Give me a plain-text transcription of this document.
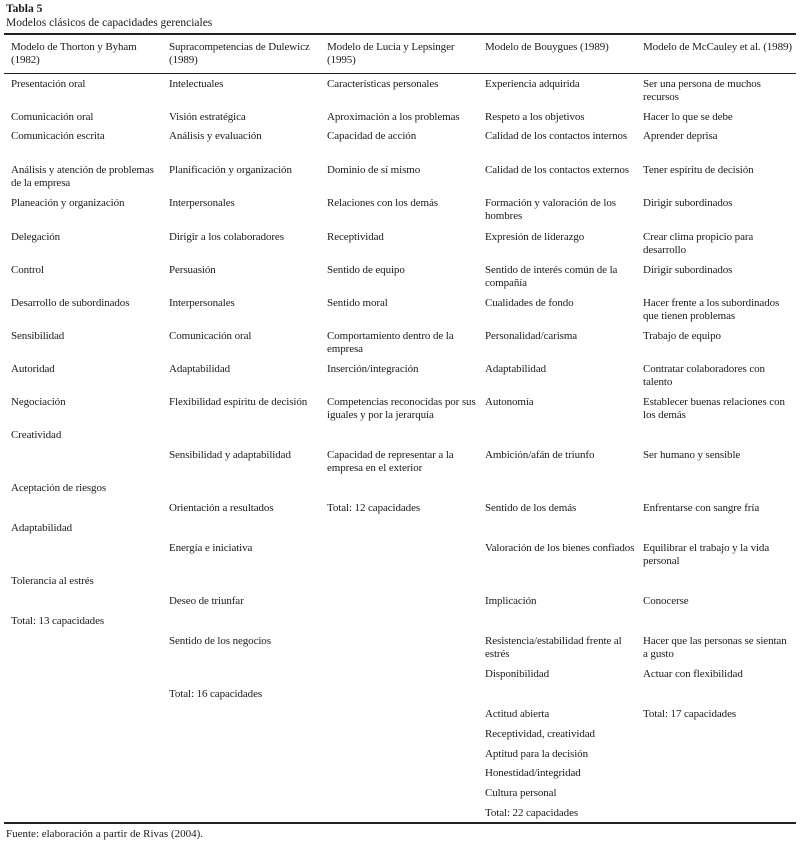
Tabla 5
Modelos clásicos de capacidades gerenciales
Modelo de Thorton y Byham (1982)
Presentación oral
Comunicación oral
Comunicación escrita
Análisis y atención de problemas de la empresa
Planeación y organización
Delegación
Control
Desarrollo de subordinados
Sensibilidad
Autoridad
Negociación
Creatividad
Aceptación de riesgos
Adaptabilidad
Tolerancia al estrés
Total: 13 capacidades
Supracompetencias de Dulewicz (1989)
Intelectuales
Visión estratégica
Análisis y evaluación
Planificación y organización
Interpersonales
Dirigir a los colaboradores
Persuasión
Interpersonales
Comunicación oral
Adaptabilidad
Flexibilidad espíritu de decisión
Sensibilidad y adaptabilidad
Orientación a resultados
Energía e iniciativa
Deseo de triunfar
Sentido de los negocios
Total: 16 capacidades
Modelo de Lucia y Lepsinger (1995)
Características personales
Aproximación a los problemas
Capacidad de acción
Dominio de sí mismo
Relaciones con los demás
Receptividad
Sentido de equipo
Sentido moral
Comportamiento dentro de la empresa
Inserción/integración
Competencias reconocidas por sus iguales y por la jerarquía
Capacidad de representar a la empresa en el exterior
Total: 12 capacidades
Modelo de Bouygues (1989)
Experiencia adquirida
Respeto a los objetivos
Calidad de los contactos internos
Calidad de los contactos externos
Formación y valoración de los hombres
Expresión de liderazgo
Sentido de interés común de la compañía
Cualidades de fondo
Personalidad/carisma
Adaptabilidad
Autonomía
Ambición/afán de triunfo
Sentido de los demás
Valoración de los bienes confiados
Implicación
Resistencia/estabilidad frente al estrés
Disponibilidad
Actitud abierta
Receptividad, creatividad
Aptitud para la decisión
Honestidad/integridad
Cultura personal
Total: 22 capacidades
Modelo de McCauley et al. (1989)
Ser una persona de muchos recursos
Hacer lo que se debe
Aprender deprisa
Tener espíritu de decisión
Dirigir subordinados
Crear clima propicio para desarrollo
Dirigir subordinados
Hacer frente a los subordinados que tienen problemas
Trabajo de equipo
Contratar colaboradores con talento
Establecer buenas relaciones con los demás
Ser humano y sensible
Enfrentarse con sangre fría
Equilibrar el trabajo y la vida personal
Conocerse
Hacer que las personas se sientan a gusto
Actuar con flexibilidad
Total: 17 capacidades
Fuente: elaboración a partir de Rivas (2004).
